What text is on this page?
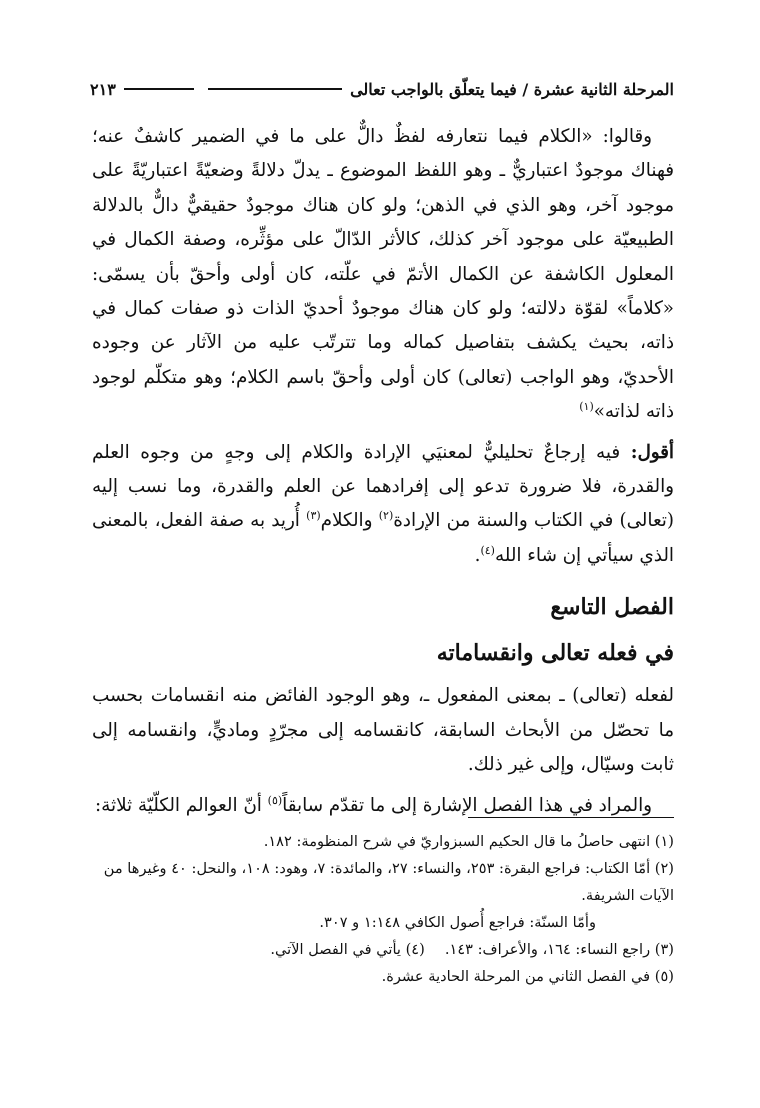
المرحلة الثانية عشرة / فيما يتعلّق بالواجب تعالى
٢١٣

وقالوا: «الكلام فيما نتعارفه لفظٌ دالٌّ على ما في الضمير كاشفٌ عنه؛ فهناك موجودٌ اعتباريٌّ ـ وهو اللفظ الموضوع ـ يدلّ دلالةً وضعيّةً اعتباريّةً على موجود آخر، وهو الذي في الذهن؛ ولو كان هناك موجودٌ حقيقيٌّ دالٌّ بالدلالة الطبيعيّة على موجود آخر كذلك، كالأثر الدّالّ على مؤثِّره، وصفة الكمال في المعلول الكاشفة عن الكمال الأتمّ في علّته، كان أولى وأحقّ بأن يسمّى: «كلاماً» لقوّة دلالته؛ ولو كان هناك موجودٌ أحديّ الذات ذو صفات كمال في ذاته، بحيث يكشف بتفاصيل كماله وما تترتّب عليه من الآثار عن وجوده الأحديّ، وهو الواجب (تعالى) كان أولى وأحقّ باسم الكلام؛ وهو متكلّم لوجود ذاته لذاته»$^{(١)}$

أقول: فيه إرجاعٌ تحليليٌّ لمعنيَي الإرادة والكلام إلى وجهٍ من وجوه العلم والقدرة، فلا ضرورة تدعو إلى إفرادهما عن العلم والقدرة، وما نسب إليه (تعالى) في الكتاب والسنة من الإرادة$^{(٢)}$ والكلام$^{(٣)}$ أُريد به صفة الفعل، بالمعنى الذي سيأتي إن شاء الله$^{(٤)}$.

الفصل التاسع
في فعله تعالى وانقساماته

لفعله (تعالى) ـ بمعنى المفعول ـ، وهو الوجود الفائض منه انقسامات بحسب ما تحصّل من الأبحاث السابقة، كانقسامه إلى مجرّدٍ وماديٍّ، وانقسامه إلى ثابت وسيّال، وإلى غير ذلك.

والمراد في هذا الفصل الإشارة إلى ما تقدّم سابقاً$^{(٥)}$ أنّ العوالم الكلّيّة ثلاثة:

(١) انتهى حاصلُ ما قال الحكيم السبزواريّ في شرح المنظومة: ١٨٢.

(٢) أمّا الكتاب: فراجع البقرة: ٢٥٣، والنساء: ٢٧، والمائدة: ٧، وهود: ١٠٨، والنحل: ٤٠ وغيرها من الآيات الشريفة.

وأمّا السنّة: فراجع أُصول الكافي ١:١٤٨ و ٣٠٧.

(٣) راجع النساء: ١٦٤، والأعراف: ١٤٣.(٤) يأتي في الفصل الآتي.

(٥) في الفصل الثاني من المرحلة الحادية عشرة.
